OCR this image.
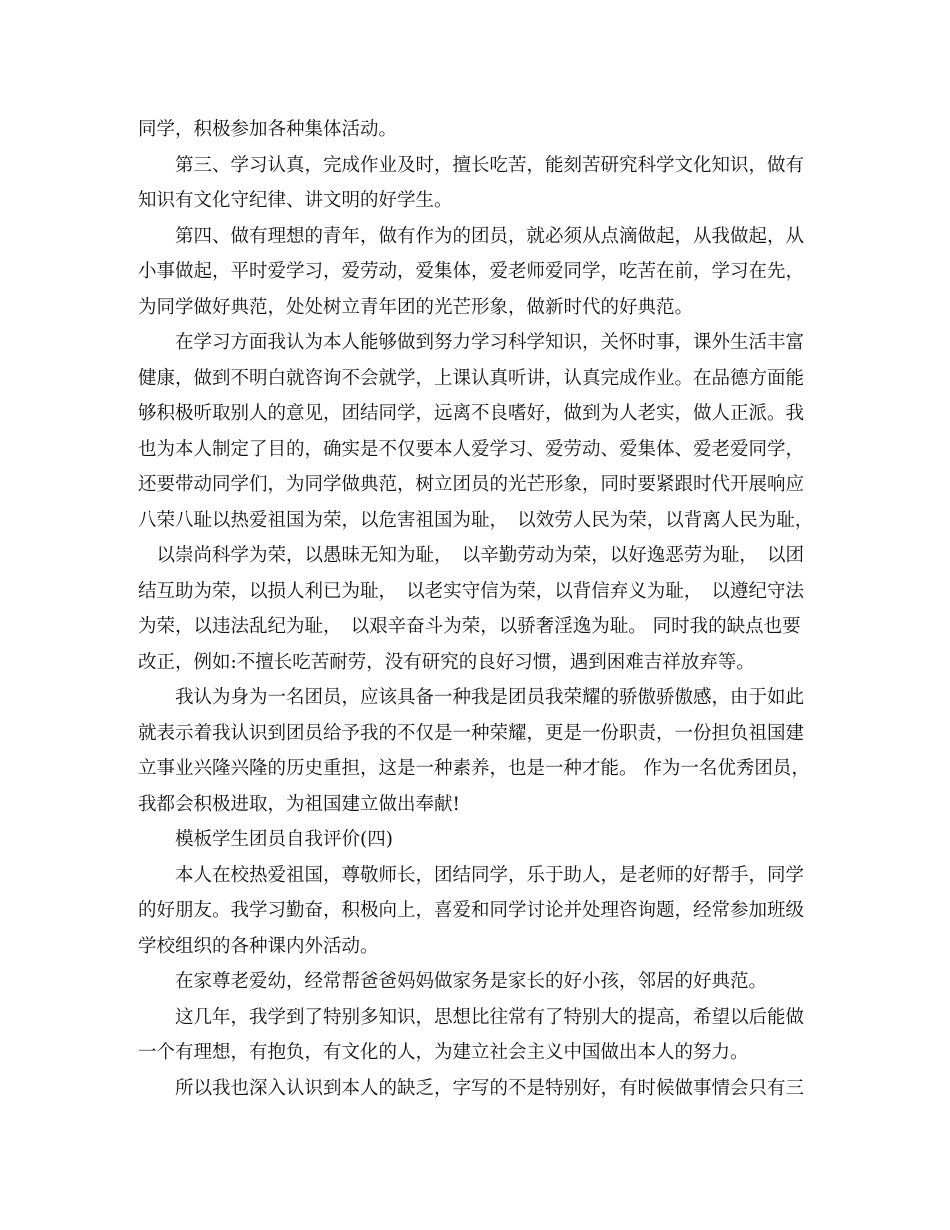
同学，积极参加各种集体活动。
　　第三、学习认真，完成作业及时，擅长吃苦，能刻苦研究科学文化知识，做有
知识有文化守纪律、讲文明的好学生。
　　第四、做有理想的青年，做有作为的团员，就必须从点滴做起，从我做起，从
小事做起，平时爱学习，爱劳动，爱集体，爱老师爱同学，吃苦在前，学习在先，
为同学做好典范，处处树立青年团的光芒形象，做新时代的好典范。
　　在学习方面我认为本人能够做到努力学习科学知识，关怀时事，课外生活丰富
健康，做到不明白就咨询不会就学，上课认真听讲，认真完成作业。在品德方面能
够积极听取别人的意见，团结同学，远离不良嗜好，做到为人老实，做人正派。我
也为本人制定了目的，确实是不仅要本人爱学习、爱劳动、爱集体、爱老爱同学，
还要带动同学们，为同学做典范，树立团员的光芒形象，同时要紧跟时代开展响应
八荣八耻以热爱祖国为荣，以危害祖国为耻，　以效劳人民为荣，以背离人民为耻，
　以崇尚科学为荣，以愚昧无知为耻，　以辛勤劳动为荣，以好逸恶劳为耻，　以团
结互助为荣，以损人利已为耻，　以老实守信为荣，以背信弃义为耻，　以遵纪守法
为荣，以违法乱纪为耻，　以艰辛奋斗为荣，以骄奢淫逸为耻。 同时我的缺点也要
改正，例如:不擅长吃苦耐劳，没有研究的良好习惯，遇到困难吉祥放弃等。
　　我认为身为一名团员，应该具备一种我是团员我荣耀的骄傲骄傲感，由于如此
就表示着我认识到团员给予我的不仅是一种荣耀，更是一份职责，一份担负祖国建
立事业兴隆兴隆的历史重担，这是一种素养，也是一种才能。 作为一名优秀团员，
我都会积极进取，为祖国建立做出奉献!
　　模板学生团员自我评价(四)
　　本人在校热爱祖国，尊敬师长，团结同学，乐于助人，是老师的好帮手，同学
的好朋友。我学习勤奋，积极向上，喜爱和同学讨论并处理咨询题，经常参加班级
学校组织的各种课内外活动。
　　在家尊老爱幼，经常帮爸爸妈妈做家务是家长的好小孩，邻居的好典范。
　　这几年，我学到了特别多知识，思想比往常有了特别大的提高，希望以后能做
一个有理想，有抱负，有文化的人，为建立社会主义中国做出本人的努力。
　　所以我也深入认识到本人的缺乏，字写的不是特别好，有时候做事情会只有三
